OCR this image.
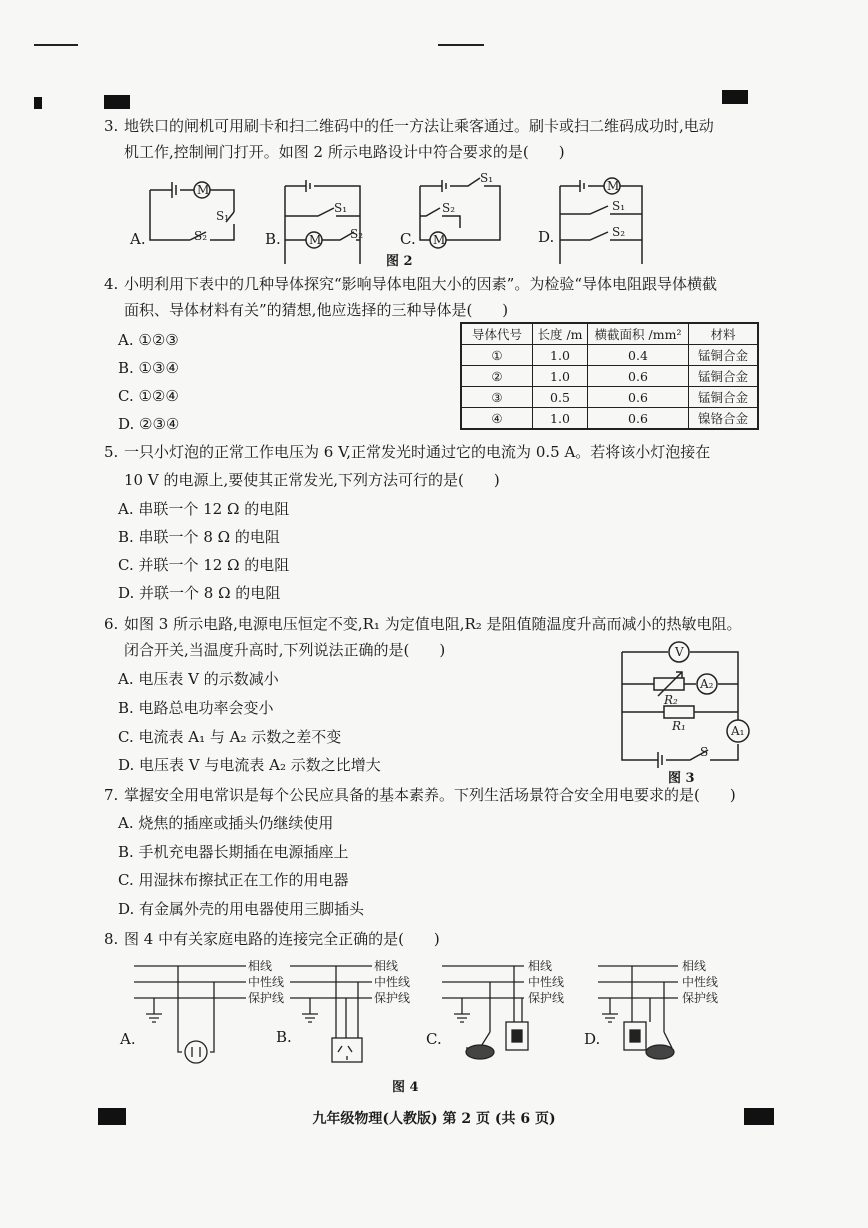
3. 地铁口的闸机可用刷卡和扫二维码中的任一方法让乘客通过。刷卡或扫二维码成功时,电动
机工作,控制闸门打开。如图 2 所示电路设计中符合要求的是(　　)
M
M	M
M
S₁
S₂
S₁
S₂
S₁
S₂	S₁
S₂
A.	B.	C.	D.
图 2
4. 小明利用下表中的几种导体探究“影响导体电阻大小的因素”。为检验“导体电阻跟导体横截
面积、导体材料有关”的猜想,他应选择的三种导体是(　　)
A. ①②③
B. ①③④
C. ①②④
D. ②③④
导体代号	长度 /m	横截面积 /mm²	材料
①	1.0	0.4	锰铜合金
②	1.0	0.6	锰铜合金
③	0.5	0.6	锰铜合金
④	1.0	0.6	镍铬合金
5. 一只小灯泡的正常工作电压为 6 V,正常发光时通过它的电流为 0.5 A。若将该小灯泡接在
10 V 的电源上,要使其正常发光,下列方法可行的是(　　)
A. 串联一个 12 Ω 的电阻
B. 串联一个 8 Ω 的电阻
C. 并联一个 12 Ω 的电阻
D. 并联一个 8 Ω 的电阻
6. 如图 3 所示电路,电源电压恒定不变,R₁ 为定值电阻,R₂ 是阻值随温度升高而减小的热敏电阻。
闭合开关,当温度升高时,下列说法正确的是(　　)
A. 电压表 V 的示数减小
B. 电路总电功率会变小
C. 电流表 A₁ 与 A₂ 示数之差不变
D. 电压表 V 与电流表 A₂ 示数之比增大
V
A₂
A₁
R₂
R₁
S
图 3
7. 掌握安全用电常识是每个公民应具备的基本素养。下列生活场景符合安全用电要求的是(　　)
A. 烧焦的插座或插头仍继续使用
B. 手机充电器长期插在电源插座上
C. 用湿抹布擦拭正在工作的用电器
D. 有金属外壳的用电器使用三脚插头
8. 图 4 中有关家庭电路的连接完全正确的是(　　)
相线
中性线
保护线
相线
中性线
保护线
相线
中性线
保护线
相线
中性线
保护线
A.	B.	C.	D.
图 4
九年级物理(人教版) 第 2 页 (共 6 页)
